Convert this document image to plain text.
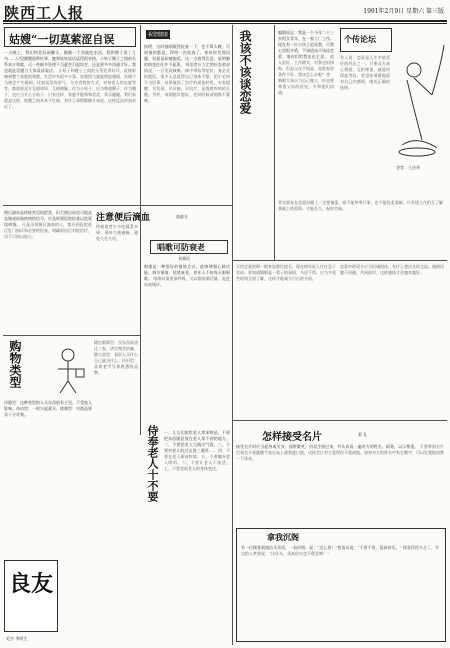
陕西工人报	1991年2月9日 星期六 第三版
姑嫂“一切莫萦涩自误
一天晚上，我们和老妈闲聊天，嫂嫂一个劲地吃东西，我和嫂子说了几句……只见嫂嫂面带红晕，她和姑姑说话显得很亲热。小姑子嫂子之间的关系本应和睦，可一些细节处理不当就会引起误会，还是要多多沟通才好。我也就此话题与大家谈谈看法。 小姑子和嫂子之间的关系处得好坏，直接影响到整个家庭的和睦。生活中有很多小事，处理得当就能增进感情，处理不当则会产生隔阂。比如说话的语气、分享食物的方式、对待老人的态度等等，都需要双方互相体谅、互相理解。作为小姑子，应当尊重嫂子；作为嫂子，也应当关心小姑子。只有这样，家庭才能和和美美，其乐融融。我们家就是这样，姑嫂之间从来不红脸，有什么事情都摊开来说，这样反而更加亲近了。
祝您健康
按理，这时抽烟既然检查一下，也不算太晚。可如抽的都是，得明一次检查了，体检时发现问题，但拔苗却被拖延。这一点值得注意，说明肺的病变往往并不显著。 吸烟者应当定期检查肺部情况，一旦发现咳嗽、痰中带血等症状，务必及时就医。很多人总觉得自己身体不错，把小毛病不当回事，结果耽误了治疗的最佳时机。专家提醒，早发现、早诊断、早治疗，是战胜疾病的关键。另外，戒烟越早越好，任何时候戒烟都不算晚。	我该不该谈恋爱	编辑同志：我是一个今年二十三岁的女青年，在一家工厂工作。现在有一位小伙子追求我，可我心里很矛盾，不知道该不该谈恋爱，请你们给我出出主意。 他人很好，工作踏实，对我也很体贴。但是父母不同意，说他家里条件不好。我该怎么办呢？答：婚姻大事应当自己做主，但也要尊重父母的意见，多和他们沟通。
个传论坛
有人说：恋爱是人生中最美好的经历之一。只要双方真心相爱，互相尊重，就能经得起考验。希望你勇敢地面对自己的感情，做出正确的选择。
答者：王庆华
青年朋友在恋爱问题上一定要慎重，既不能草率行事，也不能优柔寡断。只有建立在相互了解基础上的爱情，才能长久。祝你幸福。
注意便后滴血	邵兹夫
便后滴血是痔疮常见的症状，但大便出血也可能是直肠或结肠疾病的信号，应及时到医院检查以免延误病情。 凡是出现便后滴血的人，都应到医院进行肛门指诊和必要的检查，明确原因后对症治疗，切不可掉以轻心。
痔疮患者应多吃蔬菜水果，保持大便通畅，避免久坐久站。
唱歌可防衰老
刘秉民
唱歌是一种很好的锻炼方式，能够增强心肺功能，调节情绪，延缓衰老。老年人不妨每天唱唱歌。 唱歌时需要深呼吸，可以锻炼肺活量，促进血液循环。
购物类型
冷静型：这种类型的人买东西很有主见，不受他人影响。冲动型：一时兴起就买。挑剔型：对商品要求十分苛刻。
精打细算型：买东西前货比三家，讲究物美价廉。随大流型：看别人买什么自己就买什么。怀旧型：喜欢老字号和熟悉的品牌。
良友
毛杰 李明生
侍奉老人十不要 一、儿女们如给老人拿来物品，不要把东西随意放在老人拿不到的地方。二、不要把老人当做出气筒。三、不要对老人的过去说三道四…… 四、不要在老人面前吵架。五、不要嫌弃老人唠叨。六、不要让老人干重活。七、不要忽视老人的身体变化。
怎样接受名片	菊 礼
接受名片时应当起身或欠身，面带微笑，用双手接过来，并认真看一遍对方的姓名、职务，以示尊重。 不要拿到名片后看也不看就随手放在桌上或装进口袋，这样会让对方觉得你不重视他。如果对方的姓名中有生僻字，可以礼貌地请教一下读音。
拿我沉阁
有一位顾客到商店买东西，一看价格，说：“这么贵！”售货员说：“不贵不贵，货真价实。” 顾客摇摇头走了。旁边的人笑着说：“这年头，货真价实也不便宜啊！”
天的恋爱时期一般来说都比较长，现在的年轻人往往急于求成。要知道婚姻是一辈子的事情，马虎不得。应当多花些时间互相了解，这样才能减少日后的矛盾。
恋爱中的双方应当坦诚相待，有什么想法及时交流。遇到问题不回避，共同面对，这样感情才会越来越好。
